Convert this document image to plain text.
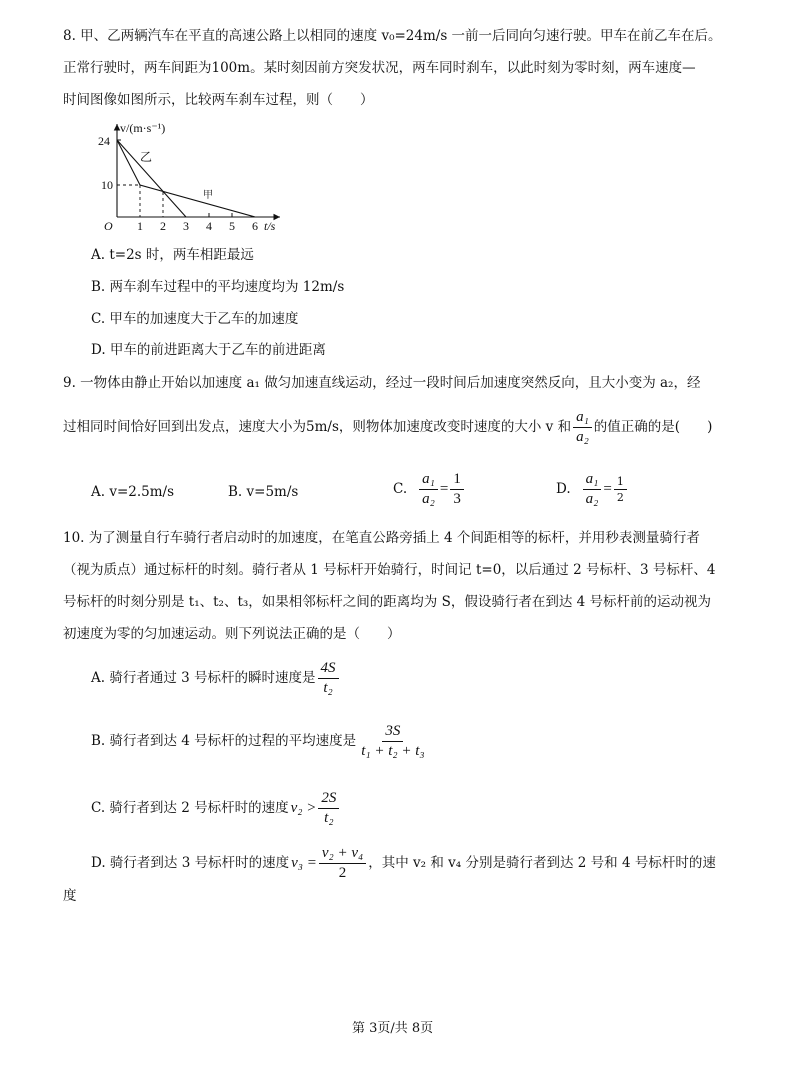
8. 甲、乙两辆汽车在平直的高速公路上以相同的速度 v₀=24m/s 一前一后同向匀速行驶。甲车在前乙车在后。
正常行驶时，两车间距为100m。某时刻因前方突发状况，两车同时刹车，以此时刻为零时刻，两车速度—
时间图像如图所示，比较两车刹车过程，则（　　）
v/(m·s⁻¹)
24
10
O 1 2 3 4 5 6 t/s
乙
甲
A. t=2s 时，两车相距最远
B. 两车刹车过程中的平均速度均为 12m/s
C. 甲车的加速度大于乙车的加速度
D. 甲车的前进距离大于乙车的前进距离
9. 一物体由静止开始以加速度 a₁ 做匀加速直线运动，经过一段时间后加速度突然反向，且大小变为 a₂，经
过相同时间恰好回到出发点，速度大小为5m/s，则物体加速度改变时速度的大小 v 和 $\frac{\text{a₁}}{\text{a₂}}$ 的值正确的是(　　)
A. v=2.5m/s	B. v=5m/s	C. $\frac{\text{a₁}}{\text{a₂}} = \frac{1}{3}$	D. $\frac{\text{a₁}}{\text{a₂}} = \frac{1}{2}$
10. 为了测量自行车骑行者启动时的加速度，在笔直公路旁插上 4 个间距相等的标杆，并用秒表测量骑行者
（视为质点）通过标杆的时刻。骑行者从 1 号标杆开始骑行，时间记 t=0，以后通过 2 号标杆、3 号标杆、4
号标杆的时刻分别是 t₁、t₂、t₃，如果相邻标杆之间的距离均为 S，假设骑行者在到达 4 号标杆前的运动视为
初速度为零的匀加速运动。则下列说法正确的是（　　）
A. 骑行者通过 3 号标杆的瞬时速度是 $\frac{4S}{\text{t₂}}$
B. 骑行者到达 4 号标杆的过程的平均速度是 $\frac{3S}{\text{t₁ + t₂ + t₃}}$
C. 骑行者到达 2 号标杆时的速度 $v_2 > \frac{2S}{\text{t₂}}$
D. 骑行者到达 3 号标杆时的速度 $v_3 = \frac{\text{v₂ + v₄}}{2}$ ，其中 v₂ 和 v₄ 分别是骑行者到达 2 号和 4 号标杆时的速
度
第 3页/共 8页
